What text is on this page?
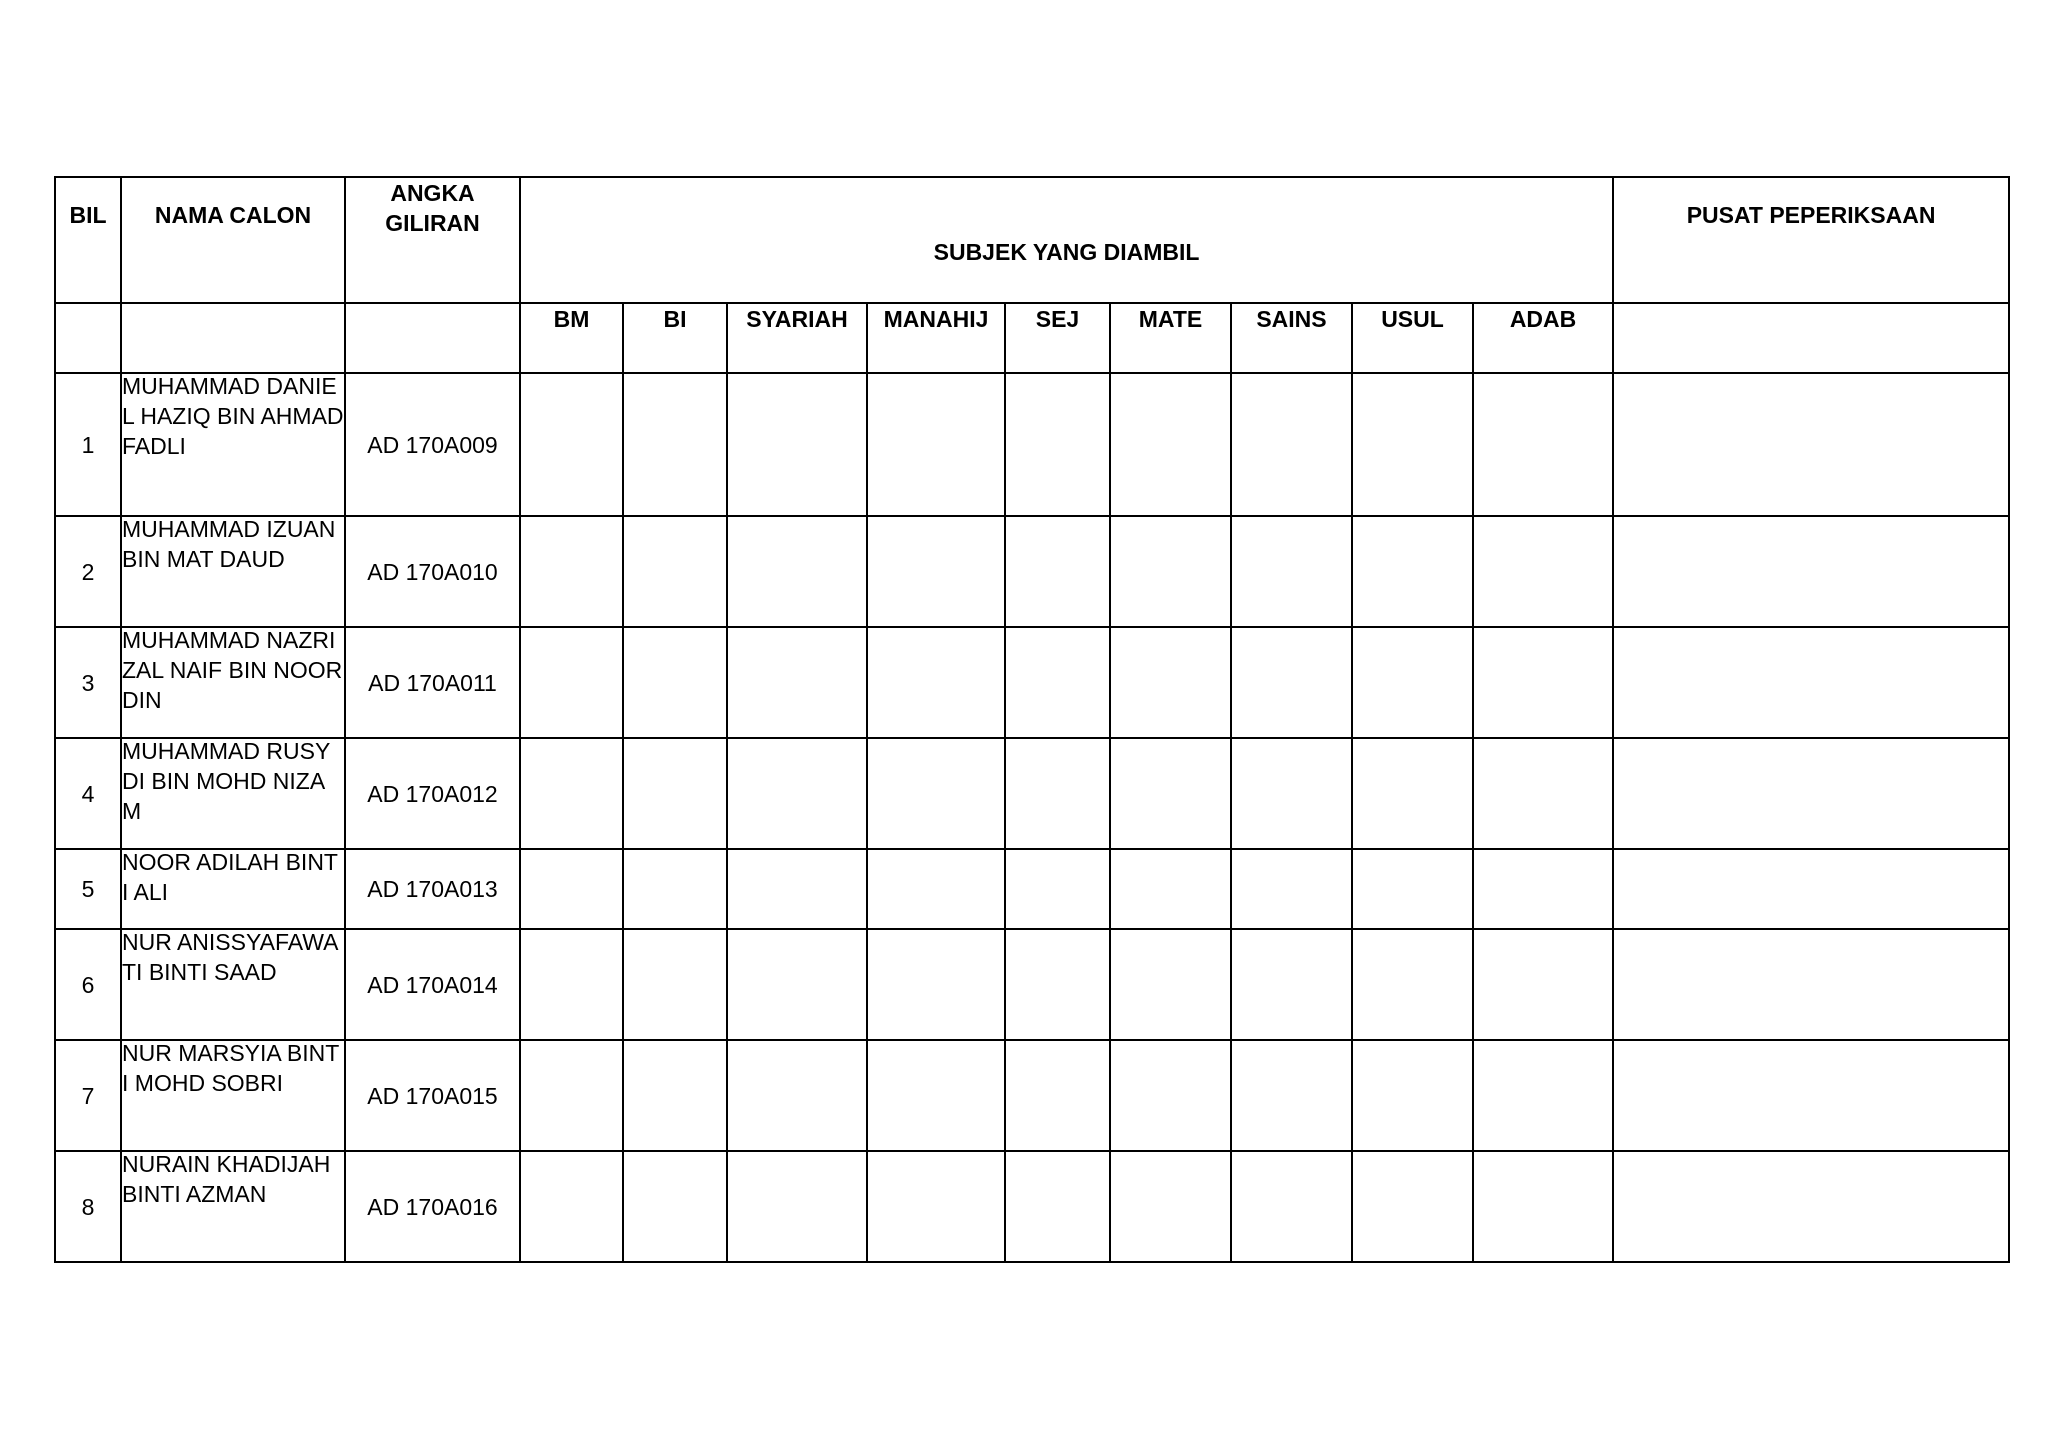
BIL	NAMA CALON	ANGKA GILIRAN	SUBJEK YANG DIAMBIL									PUSAT PEPERIKSAAN
			BM	BI	SYARIAH	MANAHIJ	SEJ	MATE	SAINS	USUL	ADAB	
1	MUHAMMAD DANIEL HAZIQ BIN AHMAD FADLI	AD 170A009										
2	MUHAMMAD IZUAN BIN MAT DAUD	AD 170A010										
3	MUHAMMAD NAZRIZAL NAIF BIN NOORDIN	AD 170A011										
4	MUHAMMAD RUSYDI BIN MOHD NIZAM	AD 170A012										
5	NOOR ADILAH BINTI ALI	AD 170A013										
6	NUR ANISSYAFAWATI BINTI SAAD	AD 170A014										
7	NUR MARSYIA BINTI MOHD SOBRI	AD 170A015										
8	NURAIN KHADIJAH BINTI AZMAN	AD 170A016										
